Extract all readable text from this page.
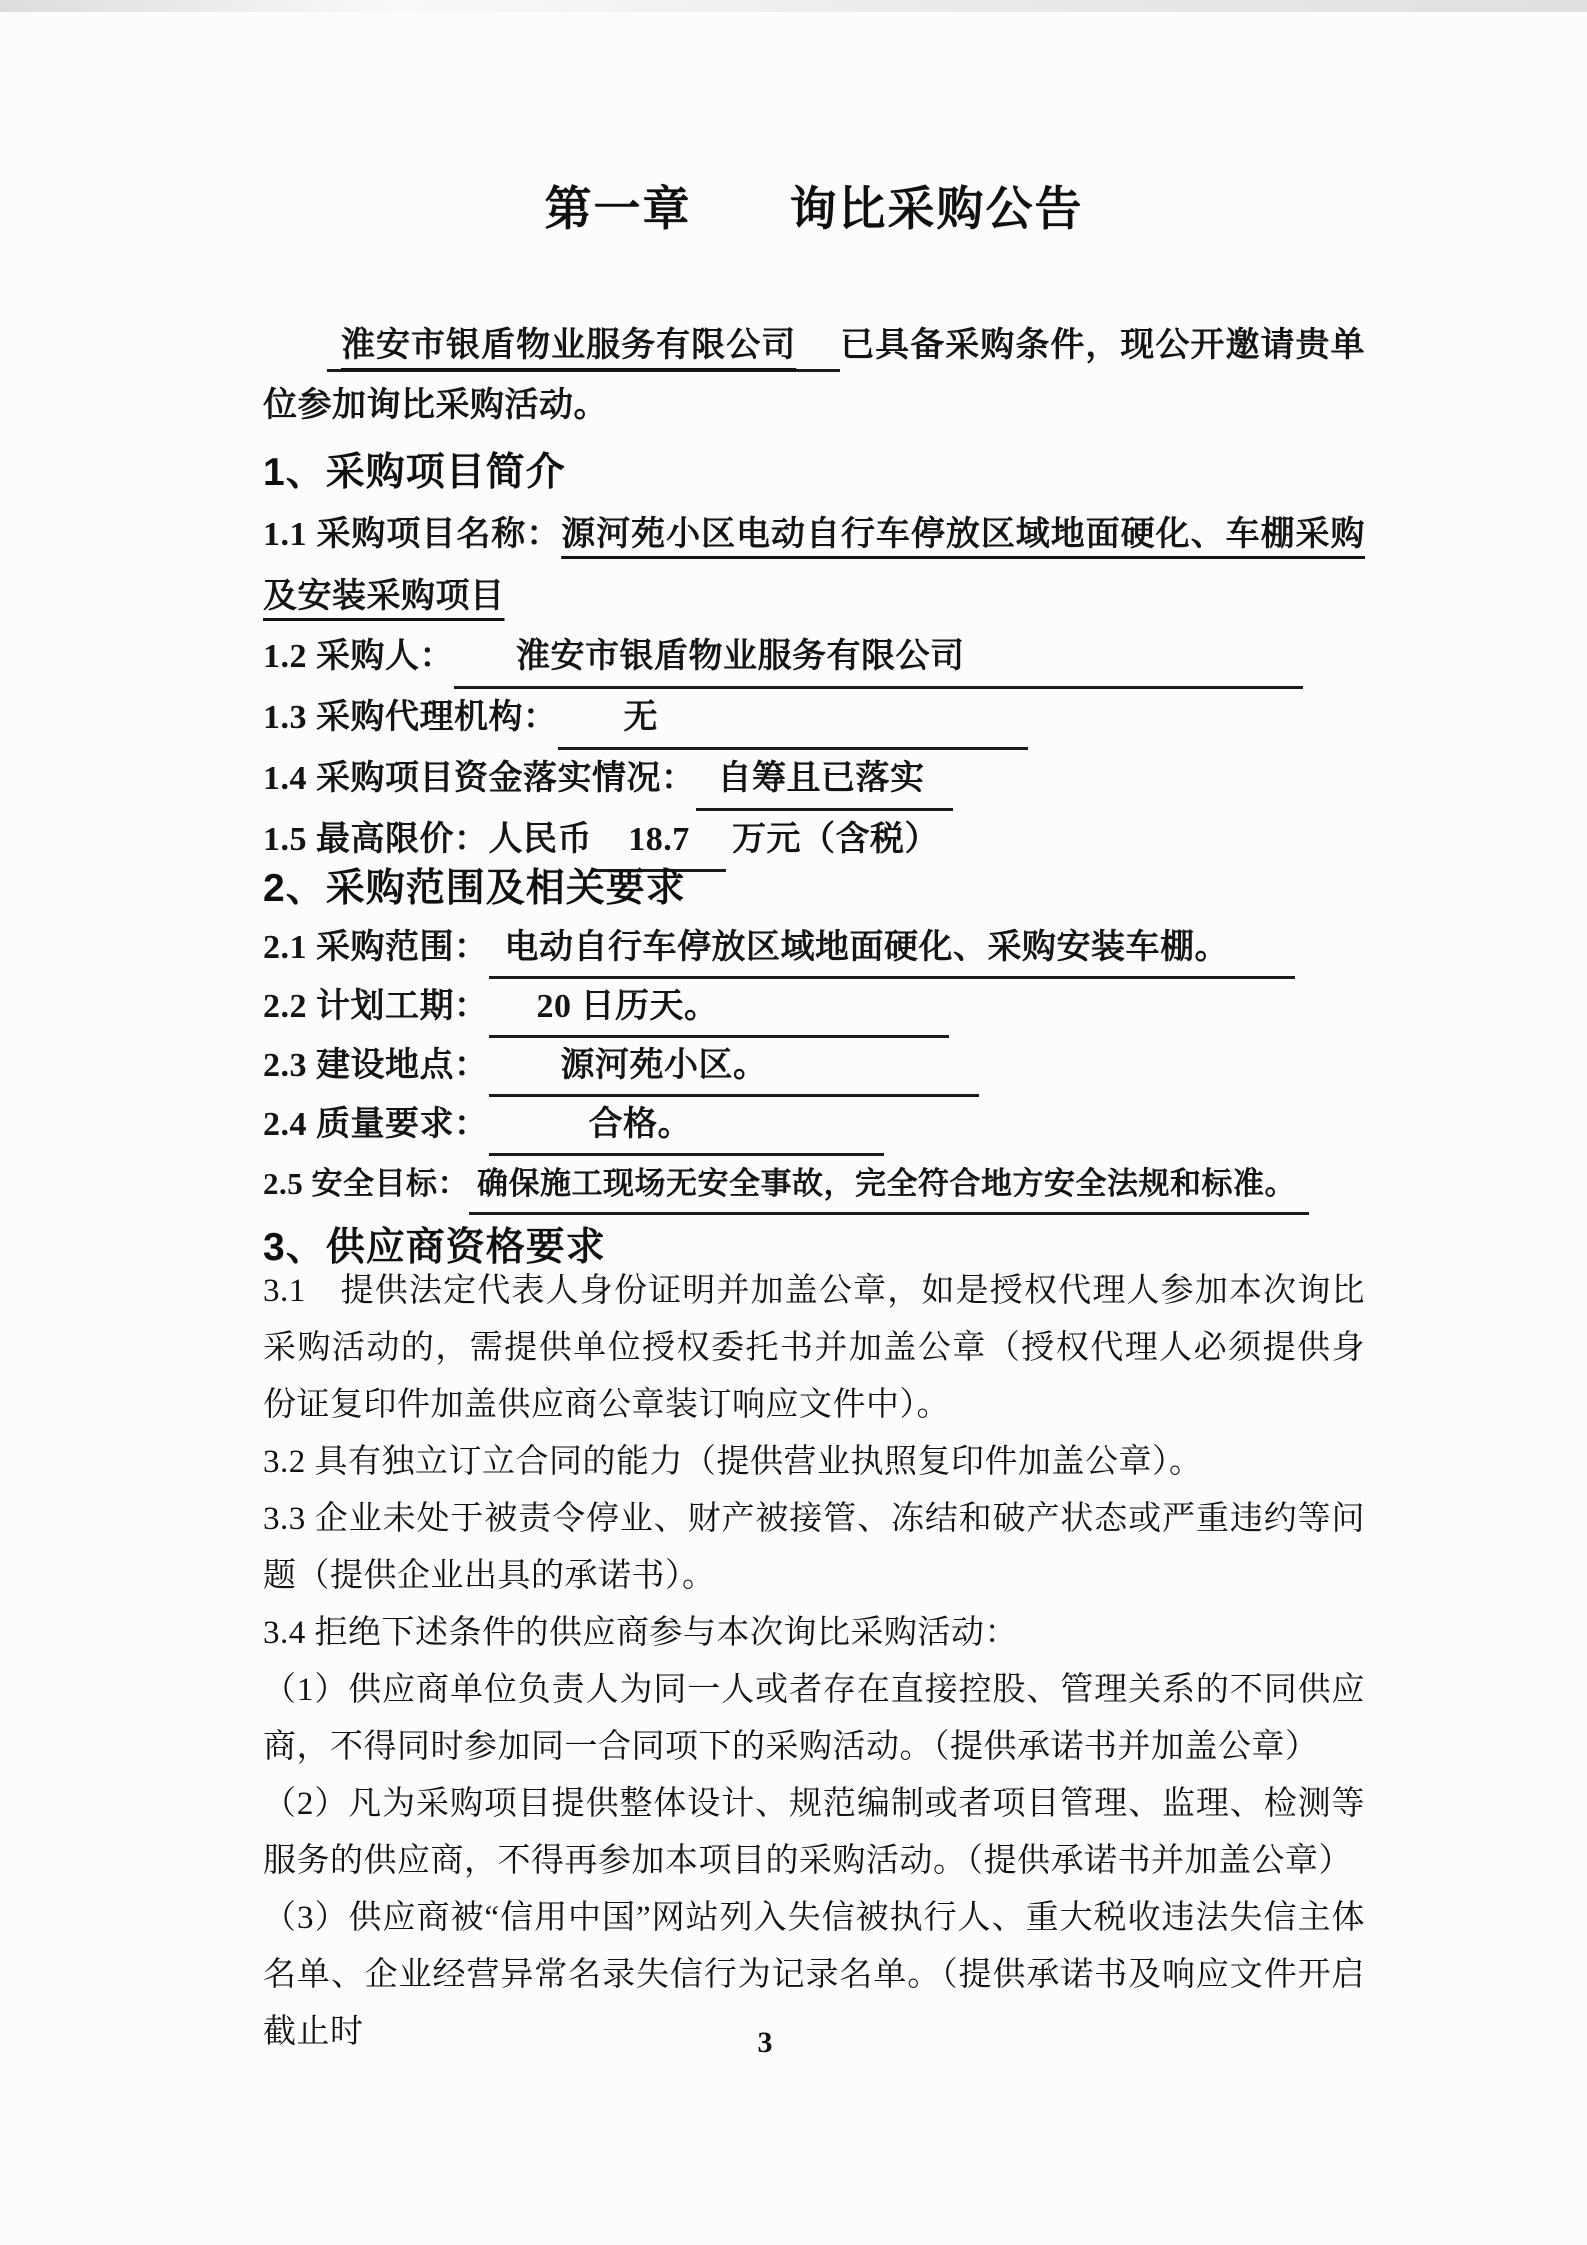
第一章　　询比采购公告

淮安市银盾物业服务有限公司 已具备采购条件，现公开邀请贵单位参加询比采购活动。

1、采购项目简介

1.1 采购项目名称：源河苑小区电动自行车停放区域地面硬化、车棚采购及安装采购项目

1.2 采购人：	淮安市银盾物业服务有限公司
1.3 采购代理机构：	无
1.4 采购项目资金落实情况： 自筹且已落实
1.5 最高限价：人民币	18.7	万元（含税）
2、采购范围及相关要求
2.1 采购范围： 电动自行车停放区域地面硬化、采购安装车棚。
2.2 计划工期：	20 日历天。
2.3 建设地点：	源河苑小区。
2.4 质量要求：	合格。
2.5 安全目标： 确保施工现场无安全事故，完全符合地方安全法规和标准。
3、供应商资格要求

3.1　提供法定代表人身份证明并加盖公章，如是授权代理人参加本次询比采购活动的，需提供单位授权委托书并加盖公章（授权代理人必须提供身份证复印件加盖供应商公章装订响应文件中）。

3.2 具有独立订立合同的能力（提供营业执照复印件加盖公章）。

3.3 企业未处于被责令停业、财产被接管、冻结和破产状态或严重违约等问题（提供企业出具的承诺书）。

3.4 拒绝下述条件的供应商参与本次询比采购活动：

（1）供应商单位负责人为同一人或者存在直接控股、管理关系的不同供应商，不得同时参加同一合同项下的采购活动。（提供承诺书并加盖公章）

（2）凡为采购项目提供整体设计、规范编制或者项目管理、监理、检测等服务的供应商，不得再参加本项目的采购活动。（提供承诺书并加盖公章）

（3）供应商被“信用中国”网站列入失信被执行人、重大税收违法失信主体名单、企业经营异常名录失信行为记录名单。（提供承诺书及响应文件开启截止时	3
